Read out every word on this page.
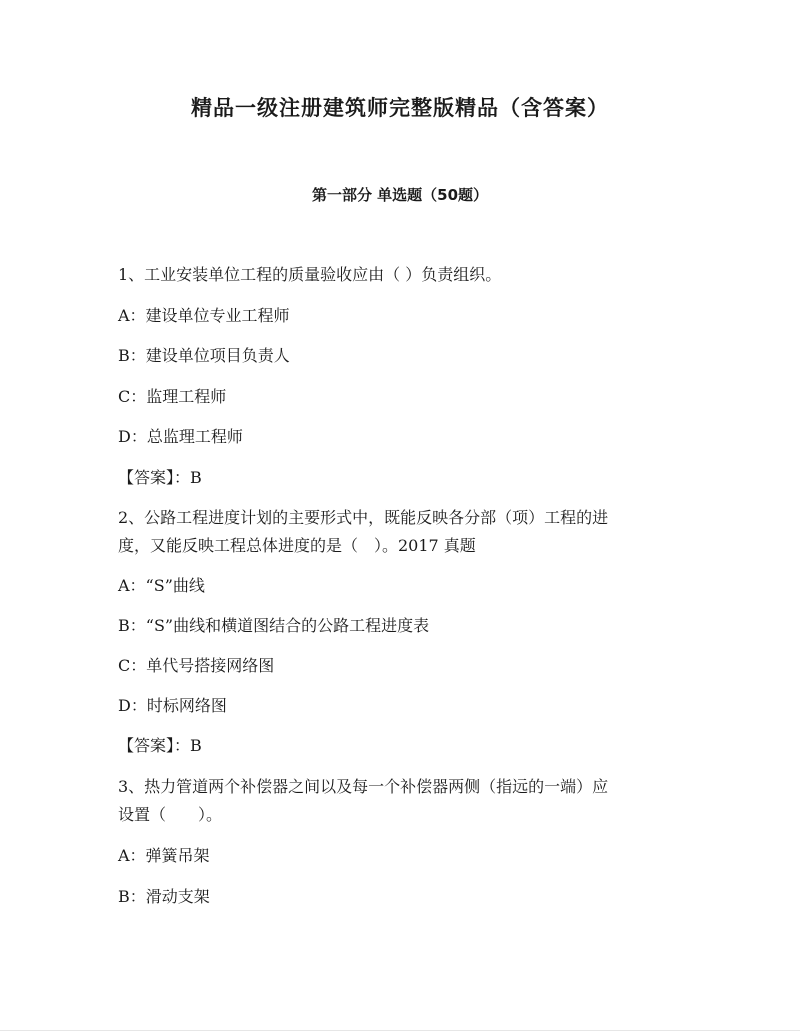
精品一级注册建筑师完整版精品（含答案）
第一部分 单选题（50题）

1、工业安装单位工程的质量验收应由（ ）负责组织。

A：建设单位专业工程师

B：建设单位项目负责人

C：监理工程师

D：总监理工程师

【答案】：B

2、公路工程进度计划的主要形式中，既能反映各分部（项）工程的进

度，又能反映工程总体进度的是（　）。2017 真题

A：“S”曲线

B：“S”曲线和横道图结合的公路工程进度表

C：单代号搭接网络图

D：时标网络图

【答案】：B

3、热力管道两个补偿器之间以及每一个补偿器两侧（指远的一端）应

设置（　　）。

A：弹簧吊架

B：滑动支架
